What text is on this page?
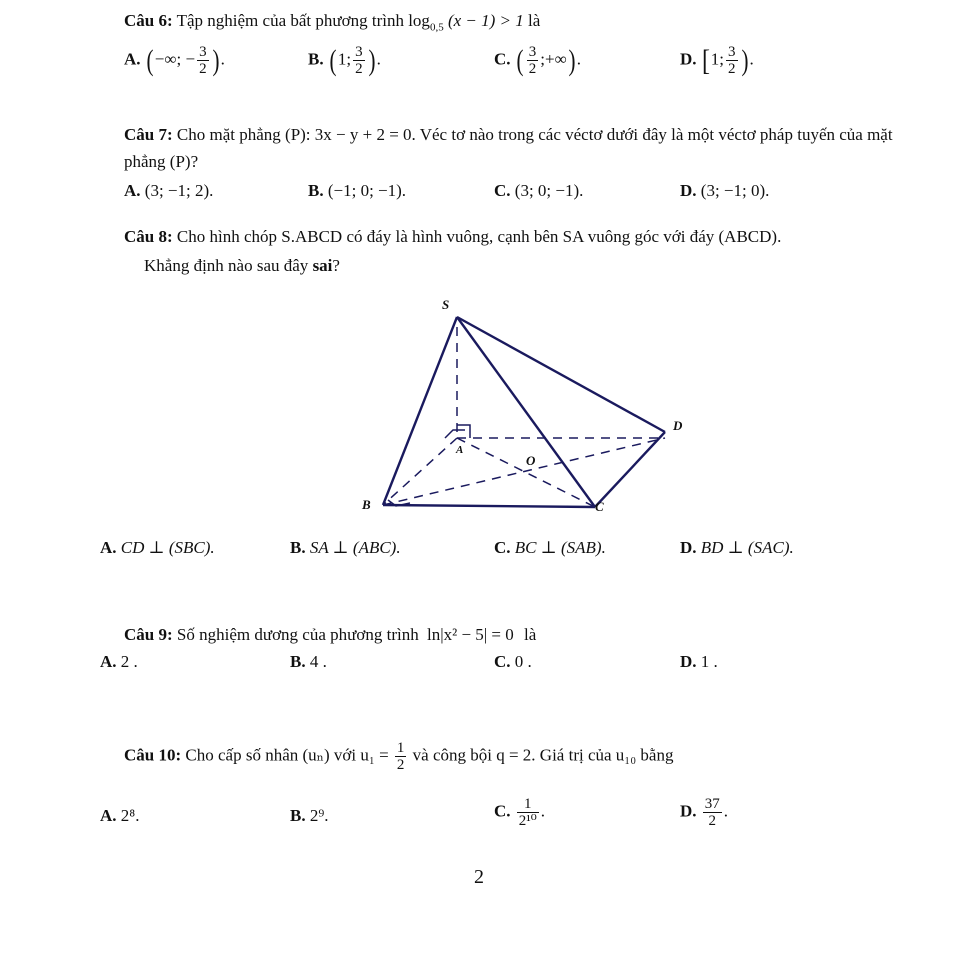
Câu 6: Tập nghiệm của bất phương trình $\log_{0,5} (x - 1) > 1$ là
A. (−∞; − $\frac{3}{2}$ ).	B. (1; $\frac{3}{2}$ ).	C. ( $\frac{3}{2}$ ;+∞).	D. [1; $\frac{3}{2}$ ).
Câu 7: Cho mặt phẳng (P): 3x − y + 2 = 0. Véc tơ nào trong các véctơ dưới đây là một véctơ pháp tuyến của mặt
phẳng (P)?
A. (3; −1; 2).	B. (−1; 0; −1).	C. (3; 0; −1).	D. (3; −1; 0).
Câu 8: Cho hình chóp S.ABCD có đáy là hình vuông, cạnh bên SA vuông góc với đáy (ABCD).
Khẳng định nào sau đây sai?
S
A
B	C
D
O
A. CD ⊥ (SBC).	B. SA ⊥ (ABC).	C. BC ⊥ (SAB).	D. BD ⊥ (SAC).
Câu 9: Số nghiệm dương của phương trình ln|x² − 5| = 0 là
A. 2 .	B. 4 .	C. 0 .	D. 1 .
Câu 10: Cho cấp số nhân (uₙ) với $u_1 = \frac{1}{2}$ và công bội q = 2. Giá trị của u₁₀ bằng
A. 2⁸.	B. 2⁹.	C. $\frac{1}{\text{2¹⁰}}$ .	D. $\frac{37}{2}$ .
2
